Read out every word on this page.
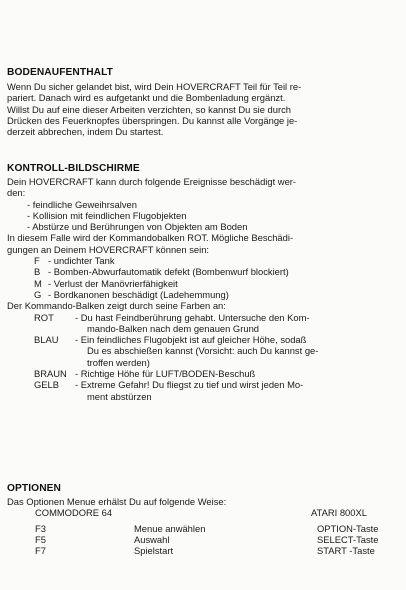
BODENAUFENTHALT
Wenn Du sicher gelandet bist, wird Dein HOVERCRAFT Teil für Teil re-
pariert. Danach wird es aufgetankt und die Bombenladung ergänzt.
Willst Du auf eine dieser Arbeiten verzichten, so kannst Du sie durch
Drücken des Feuerknopfes überspringen. Du kannst alle Vorgänge je-
derzeit abbrechen, indem Du startest.
KONTROLL-BILDSCHIRME
Dein HOVERCRAFT kann durch folgende Ereignisse beschädigt wer-
den:
- feindliche Geweihrsalven
- Kollision mit feindlichen Flugobjekten
- Abstürze und Berührungen von Objekten am Boden
In diesem Falle wird der Kommandobalken ROT. Mögliche Beschädi-
gungen an Deinem HOVERCRAFT können sein:
F - undichter Tank
B - Bomben-Abwurfautomatik defekt (Bombenwurf blockiert)
M - Verlust der Manövrierfähigkeit
G - Bordkanonen beschädigt (Ladehemmung)
Der Kommando-Balken zeigt durch seine Farben an:
ROT - Du hast Feindberührung gehabt. Untersuche den Kom-
mando-Balken nach dem genauen Grund
BLAU - Ein feindliches Flugobjekt ist auf gleicher Höhe, sodaß
Du es abschießen kannst (Vorsicht: auch Du kannst ge-
troffen werden)
BRAUN - Richtige Höhe für LUFT/BODEN-Beschuß
GELB - Extreme Gefahr! Du fliegst zu tief und wirst jeden Mo-
ment abstürzen
OPTIONEN
Das Optionen Menue erhälst Du auf folgende Weise:
COMMODORE 64	ATARI 800XL
F3	Menue anwählen	OPTION-Taste
F5	Auswahl	SELECT-Taste
F7	Spielstart	START -Taste
